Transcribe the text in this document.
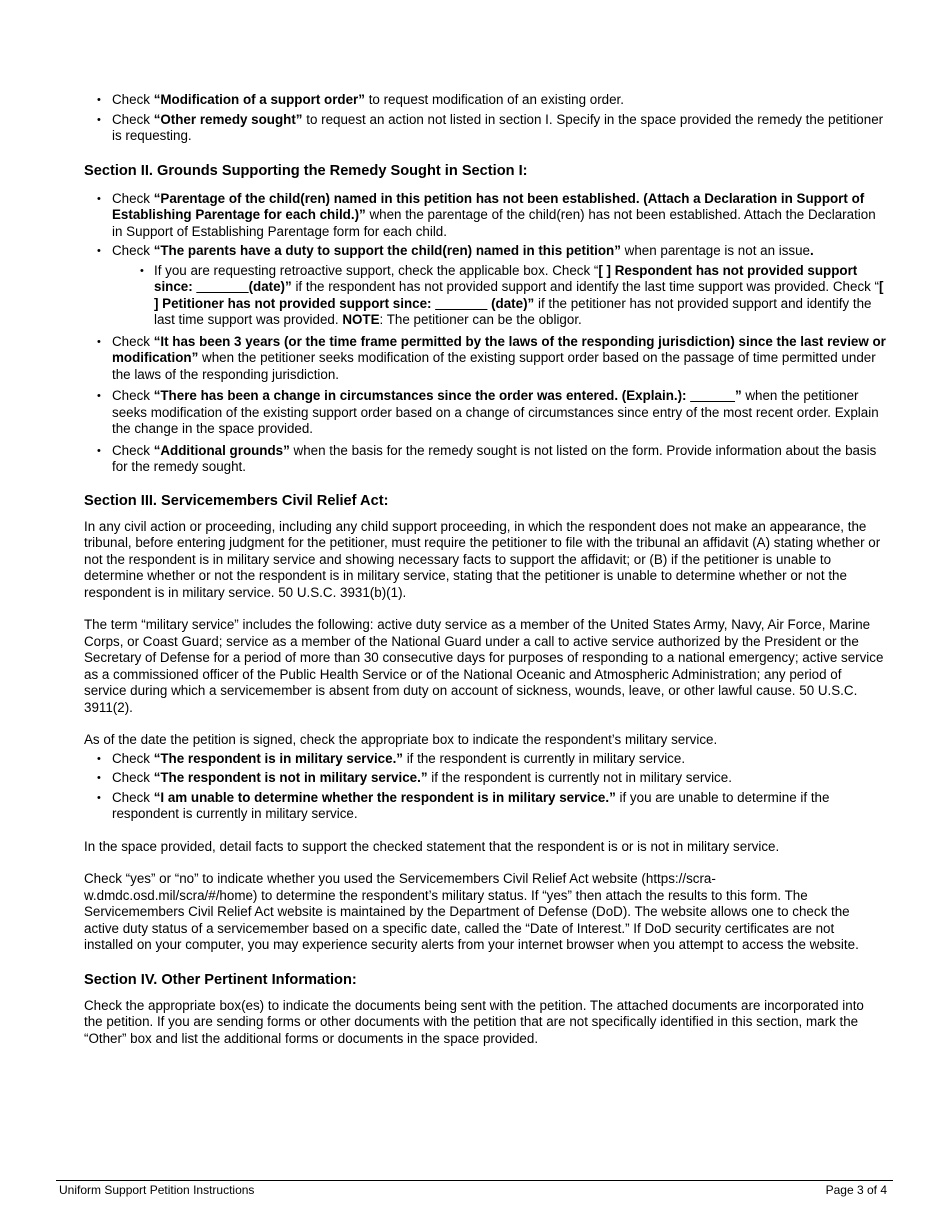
• Check “Modification of a support order” to request modification of an existing order.
• Check “Other remedy sought” to request an action not listed in section I. Specify in the space provided the remedy the petitioner is requesting.
Section II. Grounds Supporting the Remedy Sought in Section I:
• Check “Parentage of the child(ren) named in this petition has not been established. (Attach a Declaration in Support of Establishing Parentage for each child.)” when the parentage of the child(ren) has not been established. Attach the Declaration in Support of Establishing Parentage form for each child.
• Check “The parents have a duty to support the child(ren) named in this petition” when parentage is not an issue.
• If you are requesting retroactive support, check the applicable box. Check “[ ] Respondent has not provided support since: _______(date)” if the respondent has not provided support and identify the last time support was provided. Check “[ ] Petitioner has not provided support since: _______ (date)” if the petitioner has not provided support and identify the last time support was provided. NOTE: The petitioner can be the obligor.
• Check “It has been 3 years (or the time frame permitted by the laws of the responding jurisdiction) since the last review or modification” when the petitioner seeks modification of the existing support order based on the passage of time permitted under the laws of the responding jurisdiction.
• Check “There has been a change in circumstances since the order was entered. (Explain.): ______” when the petitioner seeks modification of the existing support order based on a change of circumstances since entry of the most recent order. Explain the change in the space provided.
• Check “Additional grounds” when the basis for the remedy sought is not listed on the form. Provide information about the basis for the remedy sought.
Section III. Servicemembers Civil Relief Act:

In any civil action or proceeding, including any child support proceeding, in which the respondent does not make an appearance, the tribunal, before entering judgment for the petitioner, must require the petitioner to file with the tribunal an affidavit (A) stating whether or not the respondent is in military service and showing necessary facts to support the affidavit; or (B) if the petitioner is unable to determine whether or not the respondent is in military service, stating that the petitioner is unable to determine whether or not the respondent is in military service. 50 U.S.C. 3931(b)(1).

The term “military service” includes the following: active duty service as a member of the United States Army, Navy, Air Force, Marine Corps, or Coast Guard; service as a member of the National Guard under a call to active service authorized by the President or the Secretary of Defense for a period of more than 30 consecutive days for purposes of responding to a national emergency; active service as a commissioned officer of the Public Health Service or of the National Oceanic and Atmospheric Administration; any period of service during which a servicemember is absent from duty on account of sickness, wounds, leave, or other lawful cause. 50 U.S.C. 3911(2).

As of the date the petition is signed, check the appropriate box to indicate the respondent’s military service.

• Check “The respondent is in military service.” if the respondent is currently in military service.
• Check “The respondent is not in military service.” if the respondent is currently not in military service.
• Check “I am unable to determine whether the respondent is in military service.” if you are unable to determine if the respondent is currently in military service.

In the space provided, detail facts to support the checked statement that the respondent is or is not in military service.

Check “yes” or “no” to indicate whether you used the Servicemembers Civil Relief Act website (https://scra-w.dmdc.osd.mil/scra/#/home) to determine the respondent’s military status. If “yes” then attach the results to this form. The Servicemembers Civil Relief Act website is maintained by the Department of Defense (DoD). The website allows one to check the active duty status of a servicemember based on a specific date, called the “Date of Interest.” If DoD security certificates are not installed on your computer, you may experience security alerts from your internet browser when you attempt to access the website.

Section IV. Other Pertinent Information:

Check the appropriate box(es) to indicate the documents being sent with the petition. The attached documents are incorporated into the petition. If you are sending forms or other documents with the petition that are not specifically identified in this section, mark the “Other” box and list the additional forms or documents in the space provided.

Uniform Support Petition Instructions	Page 3 of 4
